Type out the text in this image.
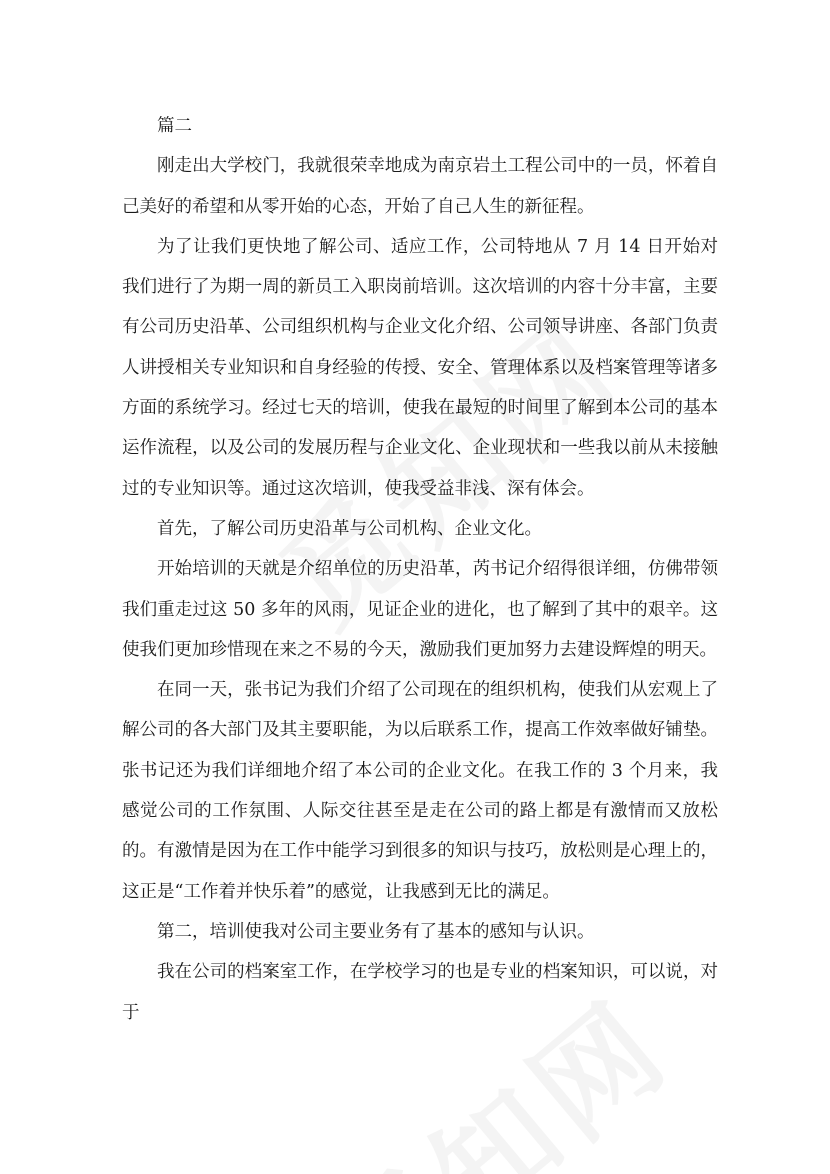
篇二

刚走出大学校门，我就很荣幸地成为南京岩土工程公司中的一员，怀着自己美好的希望和从零开始的心态，开始了自己人生的新征程。

为了让我们更快地了解公司、适应工作，公司特地从 7 月 14 日开始对我们进行了为期一周的新员工入职岗前培训。这次培训的内容十分丰富，主要有公司历史沿革、公司组织机构与企业文化介绍、公司领导讲座、各部门负责人讲授相关专业知识和自身经验的传授、安全、管理体系以及档案管理等诸多方面的系统学习。经过七天的培训，使我在最短的时间里了解到本公司的基本运作流程，以及公司的发展历程与企业文化、企业现状和一些我以前从未接触过的专业知识等。通过这次培训，使我受益非浅、深有体会。

首先，了解公司历史沿革与公司机构、企业文化。

开始培训的天就是介绍单位的历史沿革，芮书记介绍得很详细，仿佛带领我们重走过这 50 多年的风雨，见证企业的进化，也了解到了其中的艰辛。这使我们更加珍惜现在来之不易的今天，激励我们更加努力去建设辉煌的明天。

在同一天，张书记为我们介绍了公司现在的组织机构，使我们从宏观上了解公司的各大部门及其主要职能，为以后联系工作，提高工作效率做好铺垫。张书记还为我们详细地介绍了本公司的企业文化。在我工作的 3 个月来，我感觉公司的工作氛围、人际交往甚至是走在公司的路上都是有激情而又放松的。有激情是因为在工作中能学习到很多的知识与技巧，放松则是心理上的，这正是“工作着并快乐着”的感觉，让我感到无比的满足。

第二，培训使我对公司主要业务有了基本的感知与认识。

我在公司的档案室工作，在学校学习的也是专业的档案知识，可以说，对于
